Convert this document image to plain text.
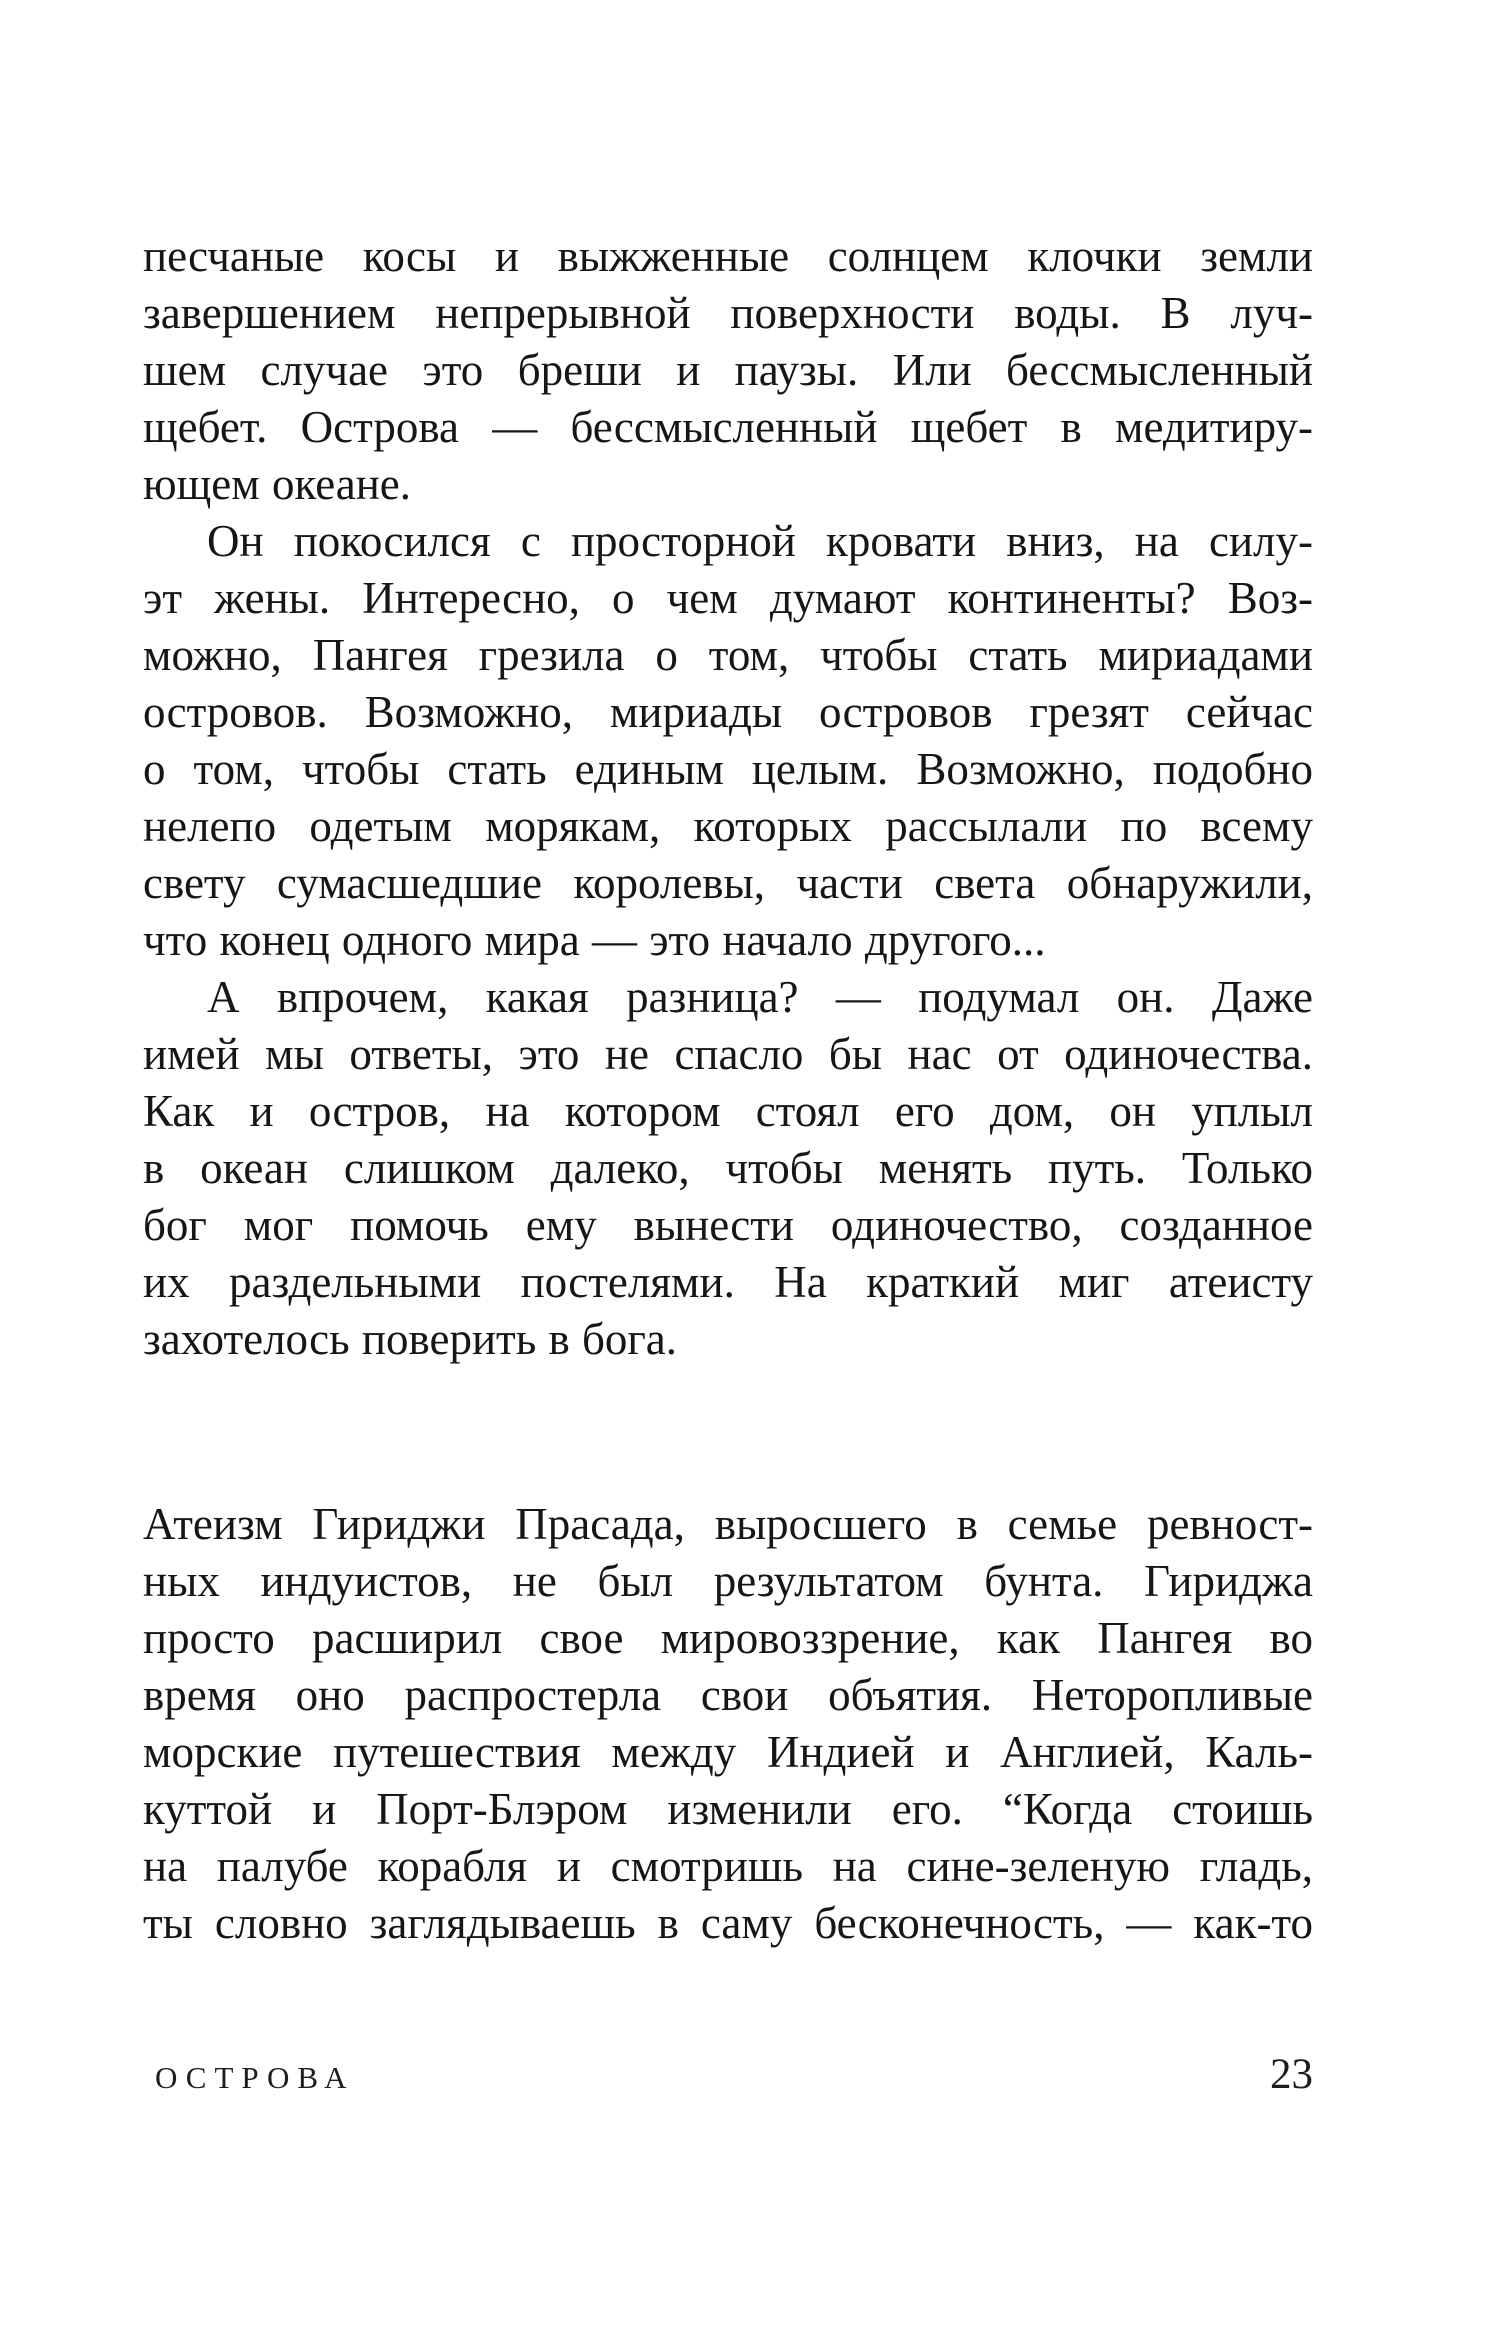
песчаные косы и выжженные солнцем клочки земли
завершением непрерывной поверхности воды. В луч-
шем случае это бреши и паузы. Или бессмысленный
щебет. Острова — бессмысленный щебет в медитиру-
ющем океане.
Он покосился с просторной кровати вниз, на силу-
эт жены. Интересно, о чем думают континенты? Воз-
можно, Пангея грезила о том, чтобы стать мириадами
островов. Возможно, мириады островов грезят сейчас
о том, чтобы стать единым целым. Возможно, подобно
нелепо одетым морякам, которых рассылали по всему
свету сумасшедшие королевы, части света обнаружили,
что конец одного мира — это начало другого...
А впрочем, какая разница? — подумал он. Даже
имей мы ответы, это не спасло бы нас от одиночества.
Как и остров, на котором стоял его дом, он уплыл
в океан слишком далеко, чтобы менять путь. Только
бог мог помочь ему вынести одиночество, созданное
их раздельными постелями. На краткий миг атеисту
захотелось поверить в бога.
Атеизм Гириджи Прасада, выросшего в семье ревност-
ных индуистов, не был результатом бунта. Гириджа
просто расширил свое мировоззрение, как Пангея во
время оно распростерла свои объятия. Неторопливые
морские путешествия между Индией и Англией, Каль-
куттой и Порт-Блэром изменили его. “Когда стоишь
на палубе корабля и смотришь на сине-зеленую гладь,
ты словно заглядываешь в саму бесконечность, — как-то
ОСТРОВА	23
